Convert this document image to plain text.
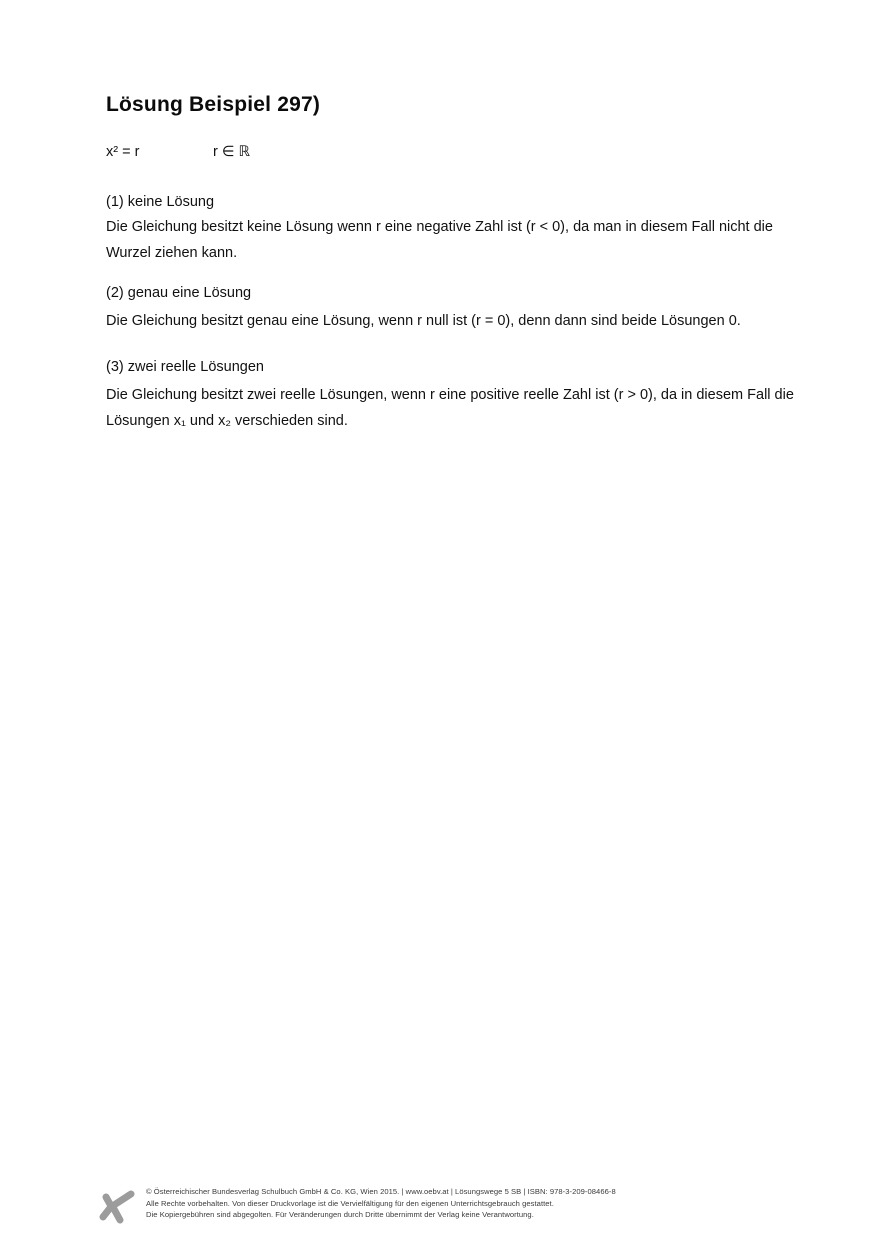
Lösung Beispiel 297)
x² = r	r ∈ ℝ
(1) keine Lösung

Die Gleichung besitzt keine Lösung wenn r eine negative Zahl ist (r < 0), da man in diesem Fall nicht die Wurzel ziehen kann.

(2) genau eine Lösung

Die Gleichung besitzt genau eine Lösung, wenn r null ist (r = 0), denn dann sind beide Lösungen 0.

(3) zwei reelle Lösungen

Die Gleichung besitzt zwei reelle Lösungen, wenn r eine positive reelle Zahl ist (r > 0), da in diesem Fall die Lösungen x₁ und x₂ verschieden sind.

© Österreichischer Bundesverlag Schulbuch GmbH & Co. KG, Wien 2015. | www.oebv.at | Lösungswege 5 SB | ISBN: 978-3-209-08466-8
Alle Rechte vorbehalten. Von dieser Druckvorlage ist die Vervielfältigung für den eigenen Unterrichtsgebrauch gestattet.
Die Kopiergebühren sind abgegolten. Für Veränderungen durch Dritte übernimmt der Verlag keine Verantwortung.
